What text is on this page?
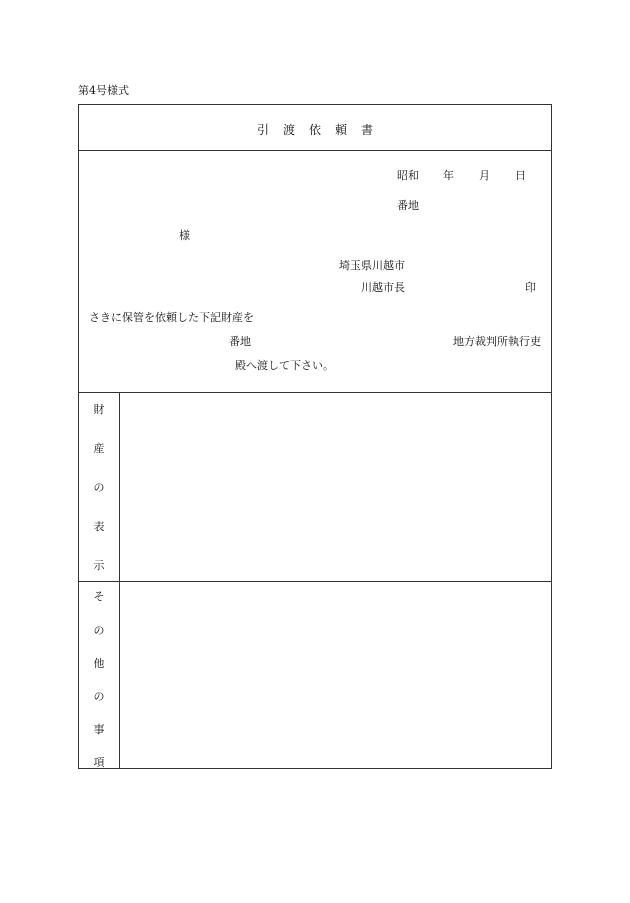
第4号様式
引渡依頼書
昭和 年 月 日
番地
様
埼玉県川越市
川越市長	印
さきに保管を依頼した下記財産を
番地	地方裁判所執行吏
殿へ渡して下さい。
財
産
の
表
示
そ
の
他
の
事
項
